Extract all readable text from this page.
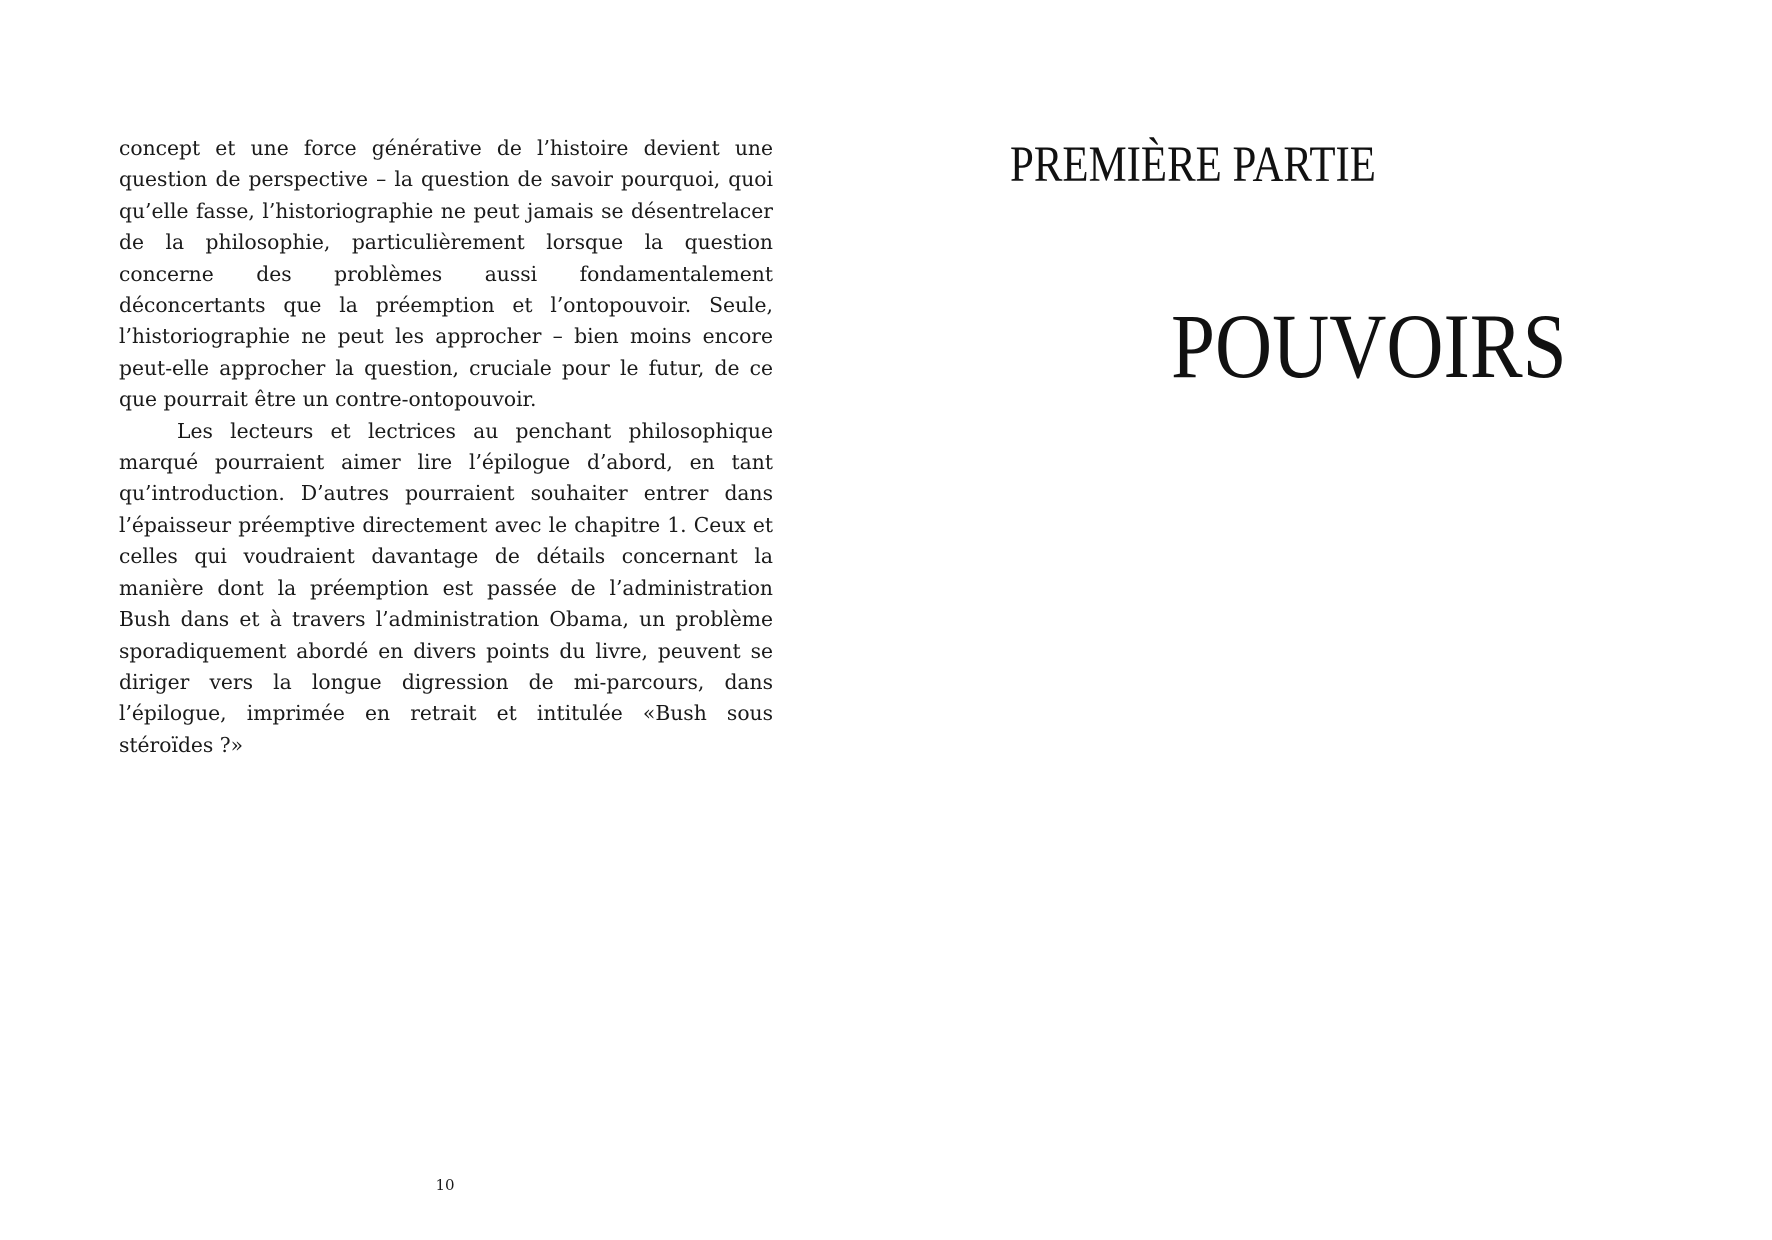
concept et une force générative de l’histoire devient une question de perspective – la question de savoir pourquoi, quoi qu’elle fasse, l’historiographie ne peut jamais se désentrelacer de la philosophie, particulièrement lorsque la question concerne des problèmes aussi fondamentalement déconcertants que la préemption et l’ontopouvoir. Seule, l’historiographie ne peut les approcher – bien moins encore peut-elle approcher la question, cruciale pour le futur, de ce que pourrait être un contre-ontopouvoir.

Les lecteurs et lectrices au penchant philosophique marqué pourraient aimer lire l’épilogue d’abord, en tant qu’introduction. D’autres pourraient souhaiter entrer dans l’épaisseur préemptive directement avec le chapitre 1. Ceux et celles qui voudraient davantage de détails concernant la manière dont la préemption est passée de l’administration Bush dans et à travers l’administration Obama, un problème sporadiquement abordé en divers points du livre, peuvent se diriger vers la longue digression de mi-parcours, dans l’épilogue, imprimée en retrait et intitulée «Bush sous stéroïdes ?»

10
PREMIÈRE PARTIE
POUVOIRS
